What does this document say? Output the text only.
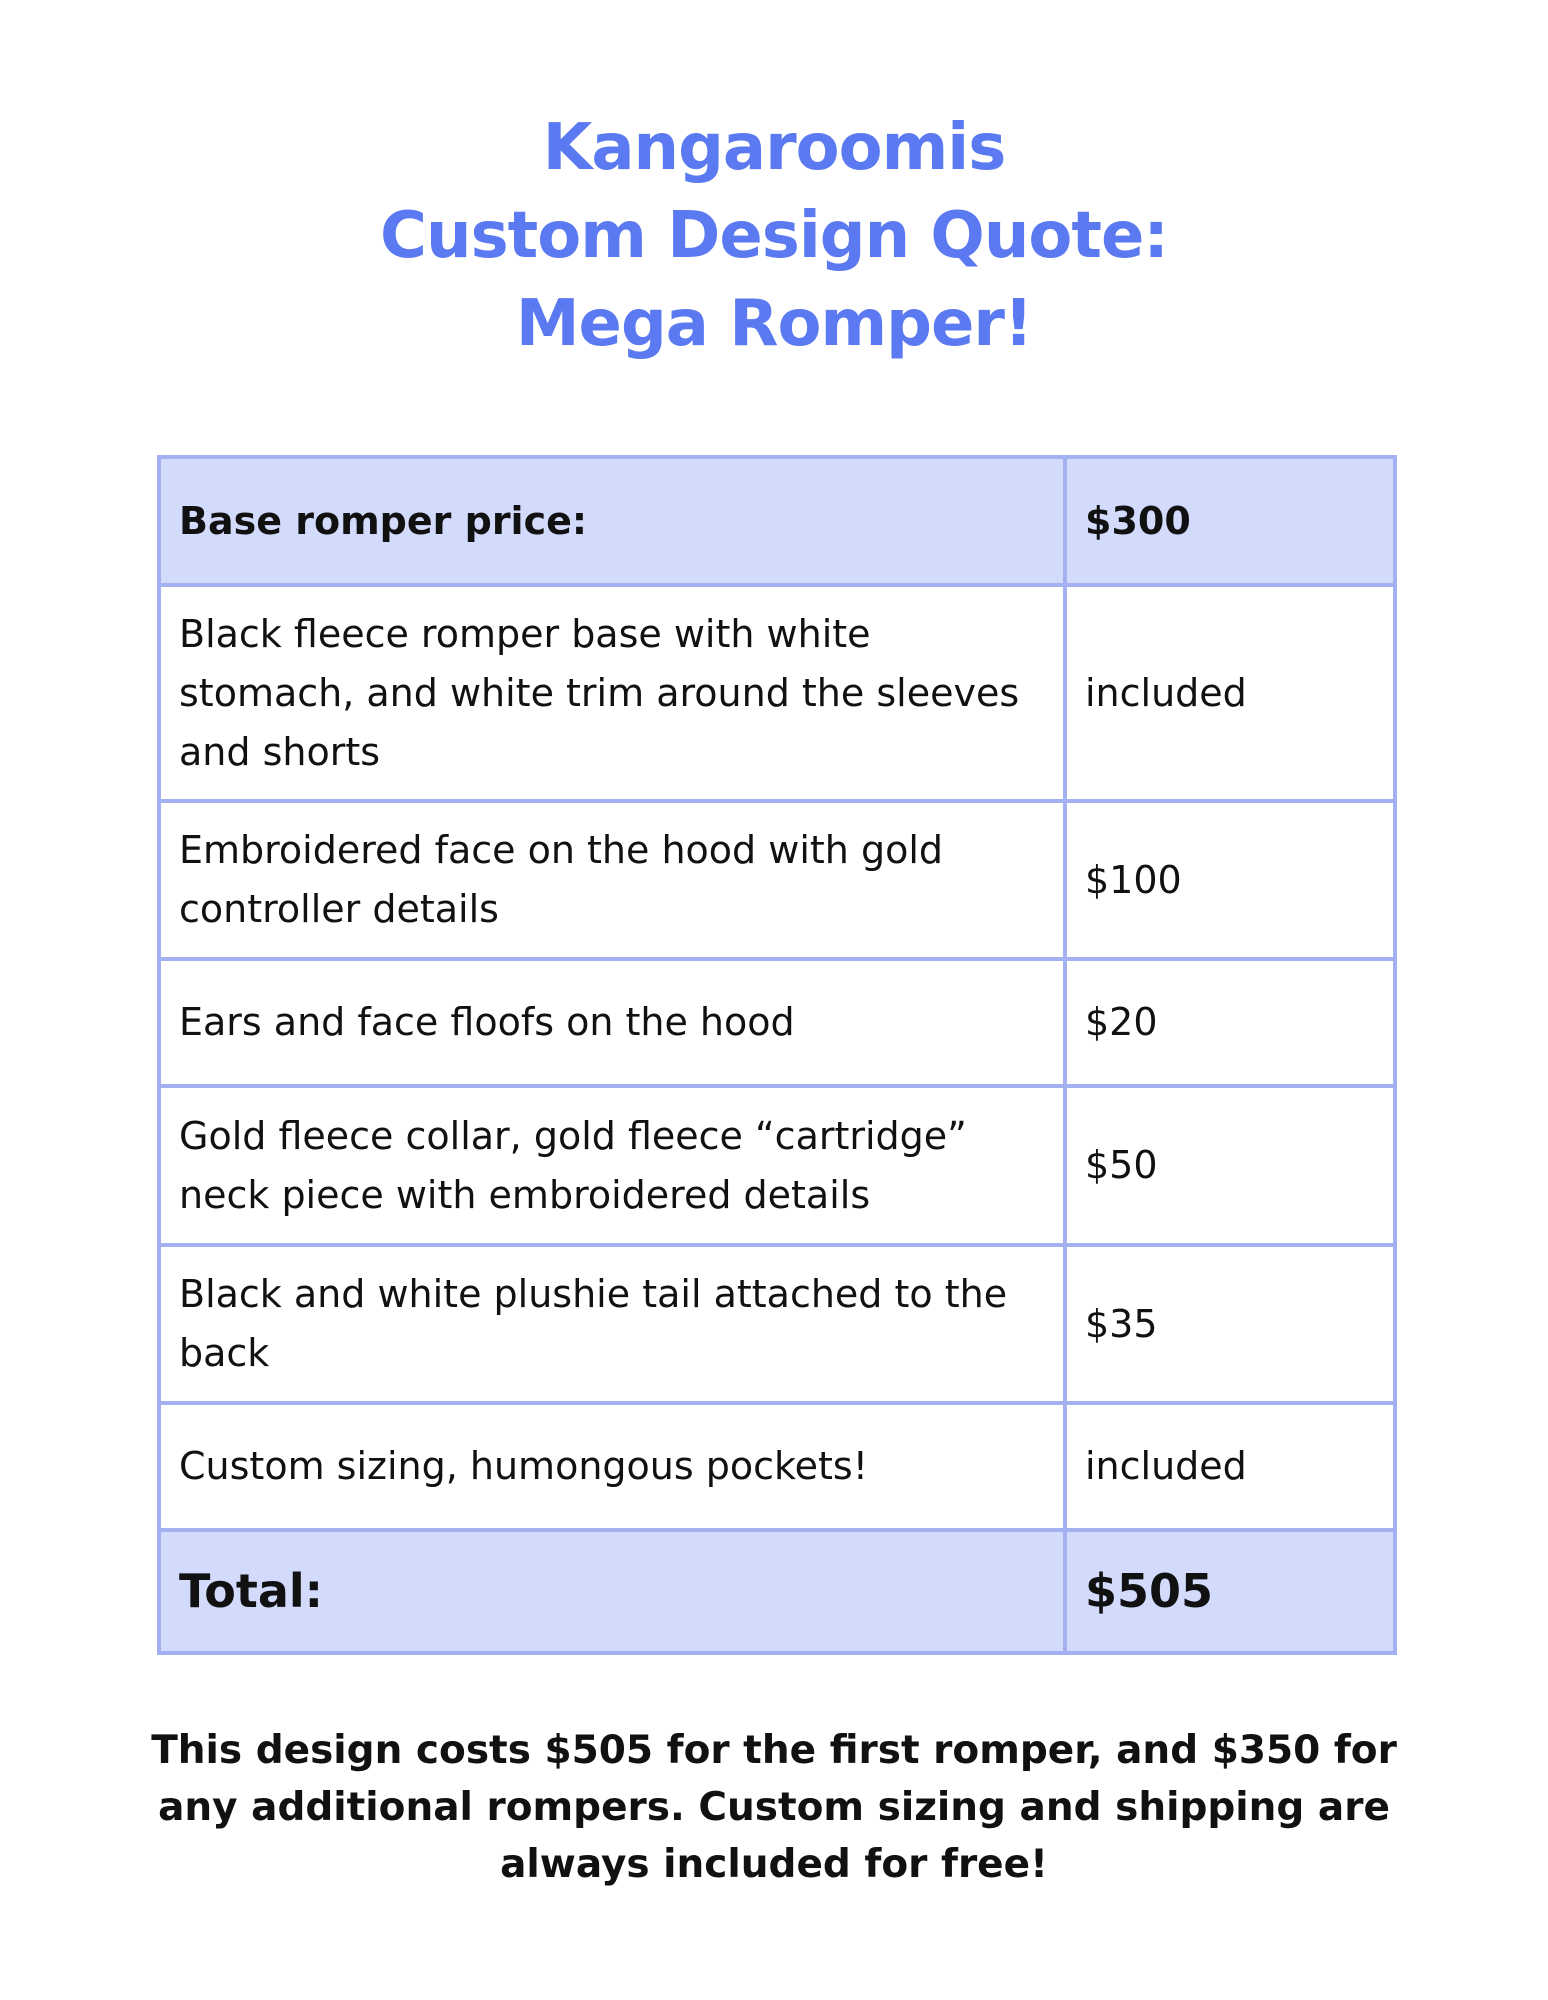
Kangaroomis
Custom Design Quote:
Mega Romper!
Base romper price:	$300
Black fleece romper base with white stomach, and white trim around the sleeves and shorts	included
Embroidered face on the hood with gold controller details	$100
Ears and face floofs on the hood	$20
Gold fleece collar, gold fleece “cartridge” neck piece with embroidered details	$50
Black and white plushie tail attached to the back	$35
Custom sizing, humongous pockets!	included
Total:	$505
This design costs $505 for the first romper, and $350 for any additional rompers. Custom sizing and shipping are always included for free!
